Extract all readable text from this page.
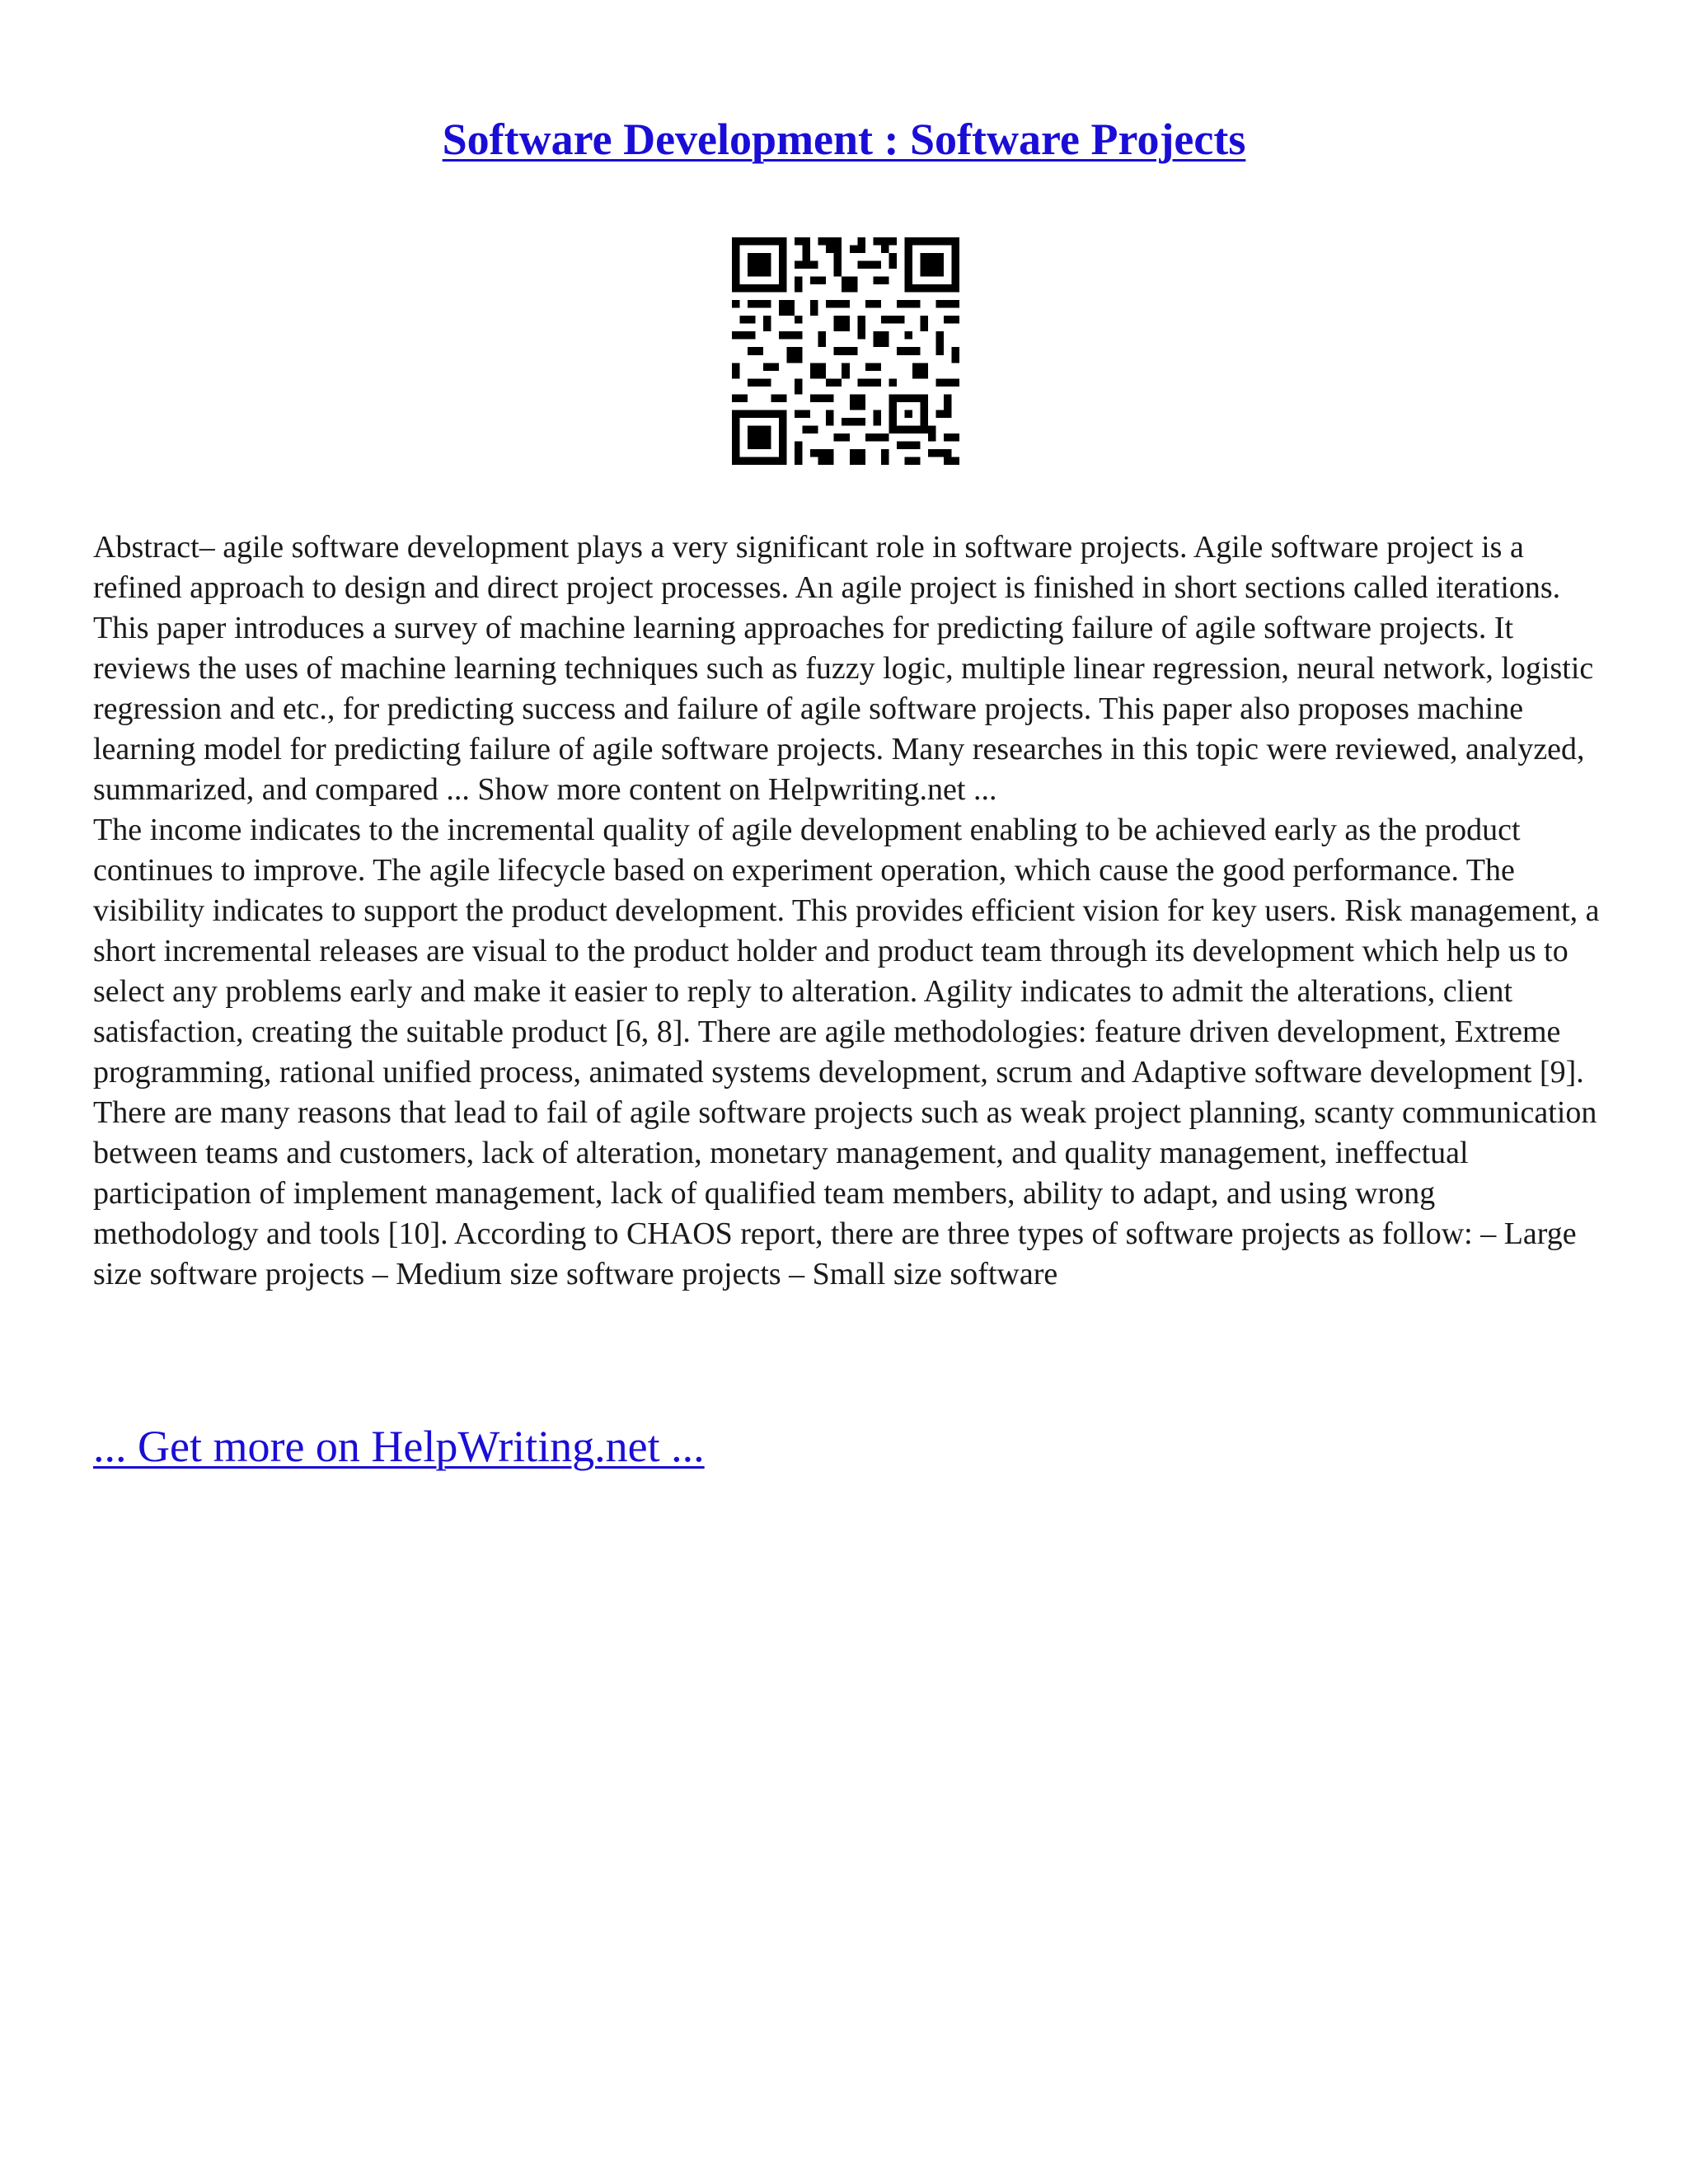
Software Development : Software Projects

Abstract– agile software development plays a very significant role in software projects. Agile software project is a refined approach to design and direct project processes. An agile project is finished in short sections called iterations. This paper introduces a survey of machine learning approaches for predicting failure of agile software projects. It reviews the uses of machine learning techniques such as fuzzy logic, multiple linear regression, neural network, logistic regression and etc., for predicting success and failure of agile software projects. This paper also proposes machine learning model for predicting failure of agile software projects. Many researches in this topic were reviewed, analyzed, summarized, and compared ... Show more content on Helpwriting.net ...

The income indicates to the incremental quality of agile development enabling to be achieved early as the product continues to improve. The agile lifecycle based on experiment operation, which cause the good performance. The visibility indicates to support the product development. This provides efficient vision for key users. Risk management, a short incremental releases are visual to the product holder and product team through its development which help us to select any problems early and make it easier to reply to alteration. Agility indicates to admit the alterations, client satisfaction, creating the suitable product [6, 8]. There are agile methodologies: feature driven development, Extreme programming, rational unified process, animated systems development, scrum and Adaptive software development [9]. There are many reasons that lead to fail of agile software projects such as weak project planning, scanty communication between teams and customers, lack of alteration, monetary management, and quality management, ineffectual participation of implement management, lack of qualified team members, ability to adapt, and using wrong methodology and tools [10]. According to CHAOS report, there are three types of software projects as follow: – Large size software projects – Medium size software projects – Small size software

... Get more on HelpWriting.net ...
